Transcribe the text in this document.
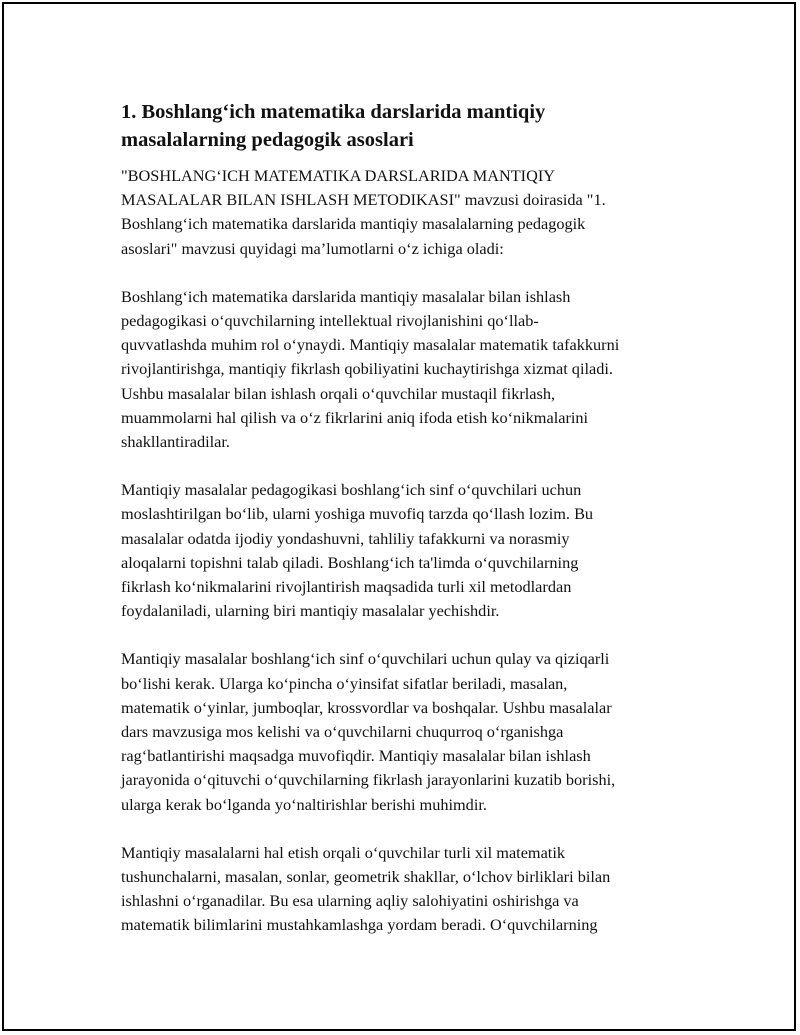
1. Boshlang‘ich matematika darslarida mantiqiy
masalalarning pedagogik asoslari

"BOSHLANG‘ICH MATEMATIKA DARSLARIDA MANTIQIY
MASALALAR BILAN ISHLASH METODIKASI" mavzusi doirasida "1.
Boshlang‘ich matematika darslarida mantiqiy masalalarning pedagogik
asoslari" mavzusi quyidagi ma’lumotlarni o‘z ichiga oladi:

Boshlang‘ich matematika darslarida mantiqiy masalalar bilan ishlash
pedagogikasi o‘quvchilarning intellektual rivojlanishini qo‘llab-
quvvatlashda muhim rol o‘ynaydi. Mantiqiy masalalar matematik tafakkurni
rivojlantirishga, mantiqiy fikrlash qobiliyatini kuchaytirishga xizmat qiladi.
Ushbu masalalar bilan ishlash orqali o‘quvchilar mustaqil fikrlash,
muammolarni hal qilish va o‘z fikrlarini aniq ifoda etish ko‘nikmalarini
shakllantiradilar.

Mantiqiy masalalar pedagogikasi boshlang‘ich sinf o‘quvchilari uchun
moslashtirilgan bo‘lib, ularni yoshiga muvofiq tarzda qo‘llash lozim. Bu
masalalar odatda ijodiy yondashuvni, tahliliy tafakkurni va norasmiy
aloqalarni topishni talab qiladi. Boshlang‘ich ta'limda o‘quvchilarning
fikrlash ko‘nikmalarini rivojlantirish maqsadida turli xil metodlardan
foydalaniladi, ularning biri mantiqiy masalalar yechishdir.

Mantiqiy masalalar boshlang‘ich sinf o‘quvchilari uchun qulay va qiziqarli
bo‘lishi kerak. Ularga ko‘pincha o‘yinsifat sifatlar beriladi, masalan,
matematik o‘yinlar, jumboqlar, krossvordlar va boshqalar. Ushbu masalalar
dars mavzusiga mos kelishi va o‘quvchilarni chuqurroq o‘rganishga
rag‘batlantirishi maqsadga muvofiqdir. Mantiqiy masalalar bilan ishlash
jarayonida o‘qituvchi o‘quvchilarning fikrlash jarayonlarini kuzatib borishi,
ularga kerak bo‘lganda yo‘naltirishlar berishi muhimdir.

Mantiqiy masalalarni hal etish orqali o‘quvchilar turli xil matematik
tushunchalarni, masalan, sonlar, geometrik shakllar, o‘lchov birliklari bilan
ishlashni o‘rganadilar. Bu esa ularning aqliy salohiyatini oshirishga va
matematik bilimlarini mustahkamlashga yordam beradi. O‘quvchilarning
